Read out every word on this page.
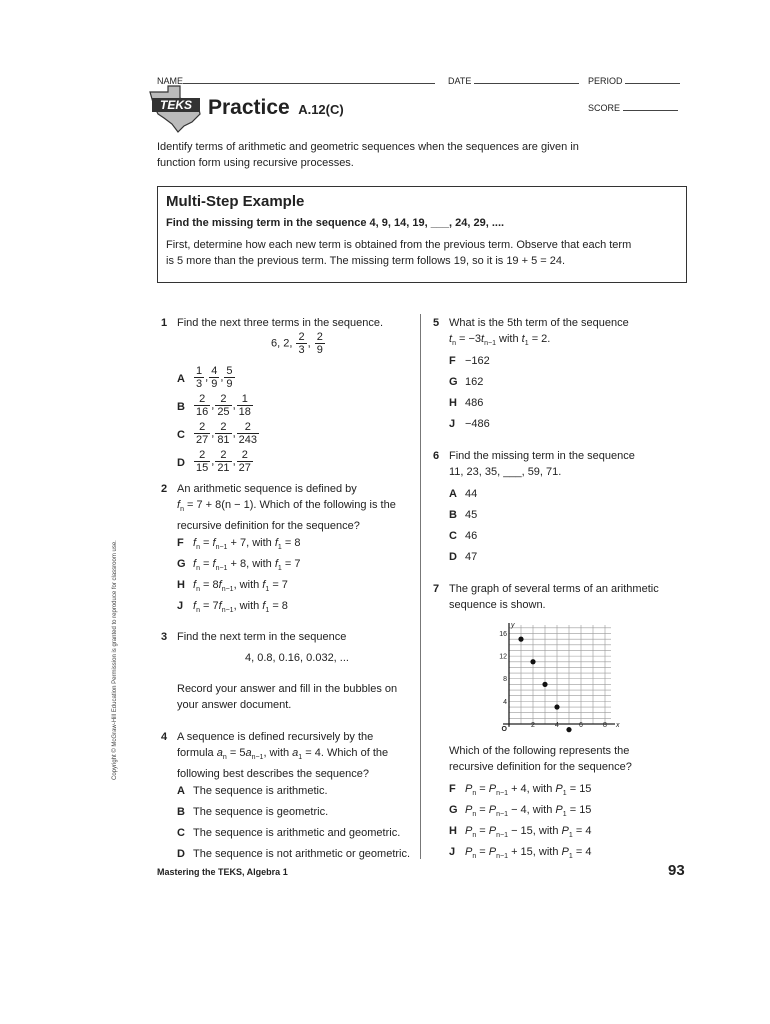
NAME	DATE	PERIOD
SCORE
TEKS Practice A.12(C)
Identify terms of arithmetic and geometric sequences when the sequences are given in
function form using recursive processes.
Multi-Step Example
Find the missing term in the sequence 4, 9, 14, 19, ___, 24, 29, ....
First, determine how each new term is obtained from the previous term. Observe that each term
is 5 more than the previous term. The missing term follows 19, so it is 19 + 5 = 24.
Copyright © McGraw-Hill Education Permission is granted to reproduce for classroom use.
1 Find the next three terms in the sequence.
6, 2, $\frac{2}{3}$ , $\frac{2}{9}$
A $\frac{1}{3}$ , $\frac{4}{9}$ , $\frac{5}{9}$
B $\frac{2}{16}$ , $\frac{2}{25}$ , $\frac{1}{18}$
C $\frac{2}{27}$ , $\frac{2}{81}$ , $\frac{2}{243}$
D $\frac{2}{15}$ , $\frac{2}{21}$ , $\frac{2}{27}$
2 An arithmetic sequence is defined by
$f_n = 7 + 8(n - 1)$. Which of the following is the
recursive definition for the sequence?
F $f_n = f_{n-1} + 7$, with $f_1 = 8$
G $f_n = f_{n-1} + 8$, with $f_1 = 7$
H $f_n = 8f_{n-1}$, with $f_1 = 7$
J $f_n = 7f_{n-1}$, with $f_1 = 8$
3 Find the next term in the sequence
4, 0.8, 0.16, 0.032, ...
Record your answer and fill in the bubbles on
your answer document.
4 A sequence is defined recursively by the
formula $a_n = 5a_{n-1}$, with $a_1 = 4$. Which of the
following best describes the sequence?
A The sequence is arithmetic.
B The sequence is geometric.
C The sequence is arithmetic and geometric.
D The sequence is not arithmetic or geometric.
5 What is the 5th term of the sequence
$t_n = -3t_{n-1}$ with $t_1 = 2$.
F −162
G 162
H 486
J −486
6 Find the missing term in the sequence
11, 23, 35, ___, 59, 71.
A 44
B 45
C 46
D 47
7 The graph of several terms of an arithmetic
sequence is shown.
2	4	6	8
4
8
12
16
O
x
y
Which of the following represents the
recursive definition for the sequence?
F $P_n = P_{n-1} + 4$, with $P_1 = 15$
G $P_n = P_{n-1} - 4$, with $P_1 = 15$
H $P_n = P_{n-1} - 15$, with $P_1 = 4$
J $P_n = P_{n-1} + 15$, with $P_1 = 4$
Mastering the TEKS, Algebra 1	93
